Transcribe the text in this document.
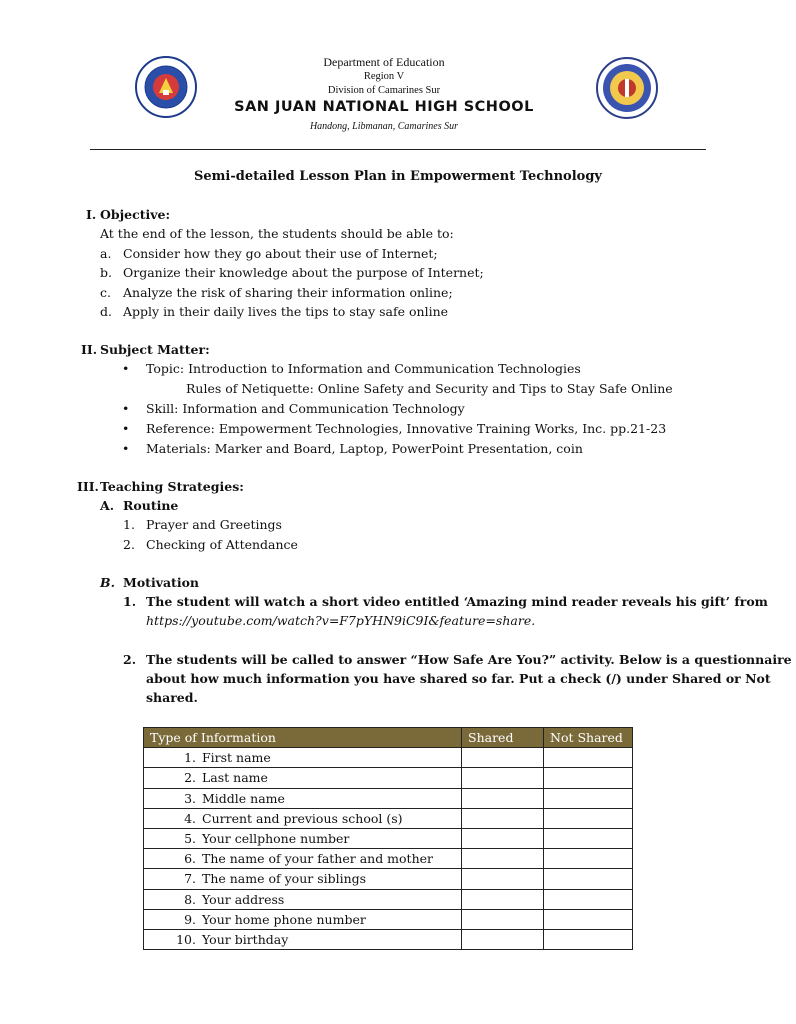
Department of Education
Region V
Division of Camarines Sur
SAN JUAN NATIONAL HIGH SCHOOL
Handong, Libmanan, Camarines Sur
Semi-detailed Lesson Plan in Empowerment Technology
I. Objective:
At the end of the lesson, the students should be able to:
a. Consider how they go about their use of Internet;
b. Organize their knowledge about the purpose of Internet;
c. Analyze the risk of sharing their information online;
d. Apply in their daily lives the tips to stay safe online
II. Subject Matter:
• Topic: Introduction to Information and Communication Technologies
Rules of Netiquette: Online Safety and Security and Tips to Stay Safe Online
• Skill: Information and Communication Technology
• Reference: Empowerment Technologies, Innovative Training Works, Inc. pp.21-23
• Materials: Marker and Board, Laptop, PowerPoint Presentation, coin
III. Teaching Strategies:
A. Routine
1. Prayer and Greetings
2. Checking of Attendance
B. Motivation
1. The student will watch a short video entitled ‘Amazing mind reader reveals his gift’ from
https://youtube.com/watch?v=F7pYHN9iC9I&feature=share.
2. The students will be called to answer “How Safe Are You?” activity. Below is a questionnaire
about how much information you have shared so far. Put a check (/) under Shared or Not
shared.
Type of Information	Shared	Not Shared
1. First name		
2. Last name		
3. Middle name		
4. Current and previous school (s)		
5. Your cellphone number		
6. The name of your father and mother		
7. The name of your siblings		
8. Your address		
9. Your home phone number		
10. Your birthday		
